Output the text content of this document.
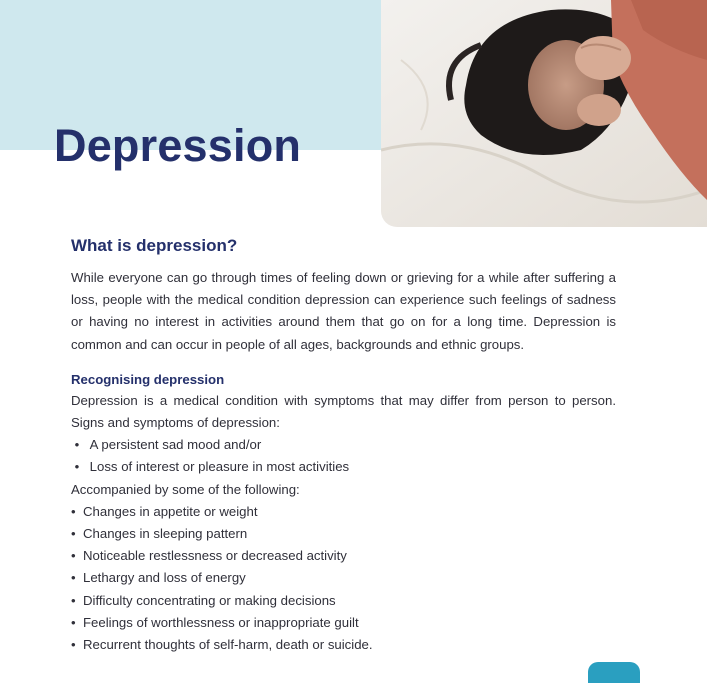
Depression
What is depression?

While everyone can go through times of feeling down or grieving for a while after suffering a loss, people with the medical condition depression can experience such feelings of sadness or having no interest in activities around them that go on for a long time. Depression is common and can occur in people of all ages, backgrounds and ethnic groups.

Recognising depression

Depression is a medical condition with symptoms that may differ from person to person. Signs and symptoms of depression:

• A persistent sad mood and/or
• Loss of interest or pleasure in most activities

Accompanied by some of the following:

• Changes in appetite or weight
• Changes in sleeping pattern
• Noticeable restlessness or decreased activity
• Lethargy and loss of energy
• Difficulty concentrating or making decisions
• Feelings of worthlessness or inappropriate guilt
• Recurrent thoughts of self-harm, death or suicide.
